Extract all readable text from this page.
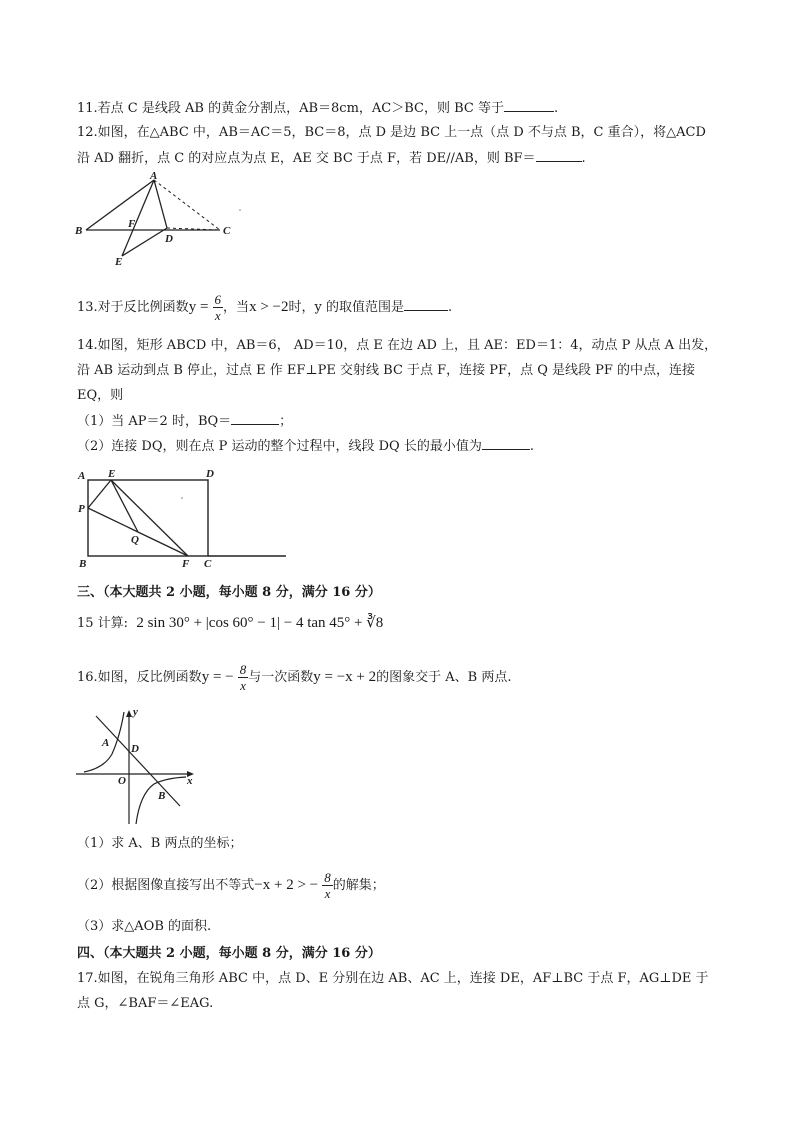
11.若点 C 是线段 AB 的黄金分割点，AB＝8cm，AC＞BC，则 BC 等于	.
12.如图，在△ABC 中，AB＝AC＝5，BC＝8，点 D 是边 BC 上一点（点 D 不与点 B，C 重合），将△ACD
沿 AD 翻折，点 C 的对应点为点 E，AE 交 BC 于点 F，若 DE//AB，则 BF＝	.
A
B	C
D
E
F
13.对于反比例函数$y = \frac{6}{x}$ ，当x > −2时，y 的取值范围是	.
14.如图，矩形 ABCD 中，AB＝6， AD＝10，点 E 在边 AD 上，且 AE：ED＝1：4，动点 P 从点 A 出发，
沿 AB 运动到点 B 停止，过点 E 作 EF⊥PE 交射线 BC 于点 F，连接 PF，点 Q 是线段 PF 的中点，连接
EQ，则
（1）当 AP＝2 时，BQ＝	；
（2）连接 DQ，则在点 P 运动的整个过程中，线段 DQ 长的最小值为	.
A E	D
P
Q
B	F C
三、（本大题共 2 小题，每小题 8 分，满分 16 分）
15 计算: 2 sin 30° + |cos 60° − 1| − 4 tan 45° + ∛8
16.如图，反比例函数y = − $\frac{8}{x}$ 与一次函数y = −x + 2的图象交于 A、B 两点.
y
x
A D
O
B
（1）求 A、B 两点的坐标；
（2）根据图像直接写出不等式−x + 2 > − $\frac{8}{x}$ 的解集；
（3）求△AOB 的面积.
四、（本大题共 2 小题，每小题 8 分，满分 16 分）
17.如图，在锐角三角形 ABC 中，点 D、E 分别在边 AB、AC 上，连接 DE，AF⊥BC 于点 F，AG⊥DE 于
点 G，∠BAF＝∠EAG.
